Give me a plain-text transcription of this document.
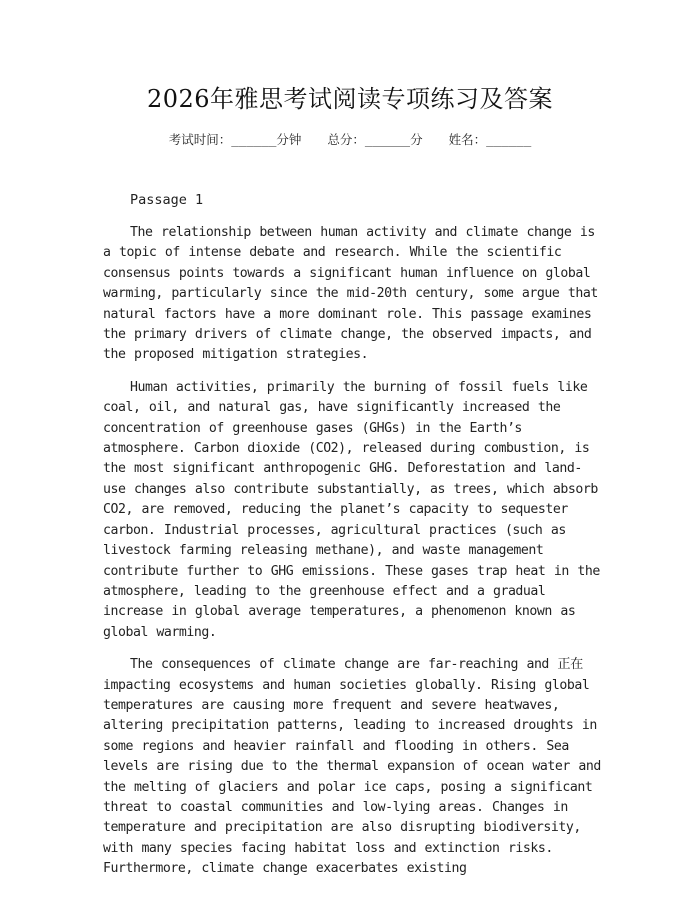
2026年雅思考试阅读专项练习及答案
考试时间：______分钟 总分：______分 姓名：______
Passage 1

The relationship between human activity and climate change is a topic of intense debate and research. While the scientific consensus points towards a significant human influence on global warming, particularly since the mid-20th century, some argue that natural factors have a more dominant role. This passage examines the primary drivers of climate change, the observed impacts, and the proposed mitigation strategies.

Human activities, primarily the burning of fossil fuels like coal, oil, and natural gas, have significantly increased the concentration of greenhouse gases (GHGs) in the Earth’s atmosphere. Carbon dioxide (CO2), released during combustion, is the most significant anthropogenic GHG. Deforestation and land-use changes also contribute substantially, as trees, which absorb CO2, are removed, reducing the planet’s capacity to sequester carbon. Industrial processes, agricultural practices (such as livestock farming releasing methane), and waste management contribute further to GHG emissions. These gases trap heat in the atmosphere, leading to the greenhouse effect and a gradual increase in global average temperatures, a phenomenon known as global warming.

The consequences of climate change are far-reaching and 正在 impacting ecosystems and human societies globally. Rising global temperatures are causing more frequent and severe heatwaves, altering precipitation patterns, leading to increased droughts in some regions and heavier rainfall and flooding in others. Sea levels are rising due to the thermal expansion of ocean water and the melting of glaciers and polar ice caps, posing a significant threat to coastal communities and low-lying areas. Changes in temperature and precipitation are also disrupting biodiversity, with many species facing habitat loss and extinction risks. Furthermore, climate change exacerbates existing
